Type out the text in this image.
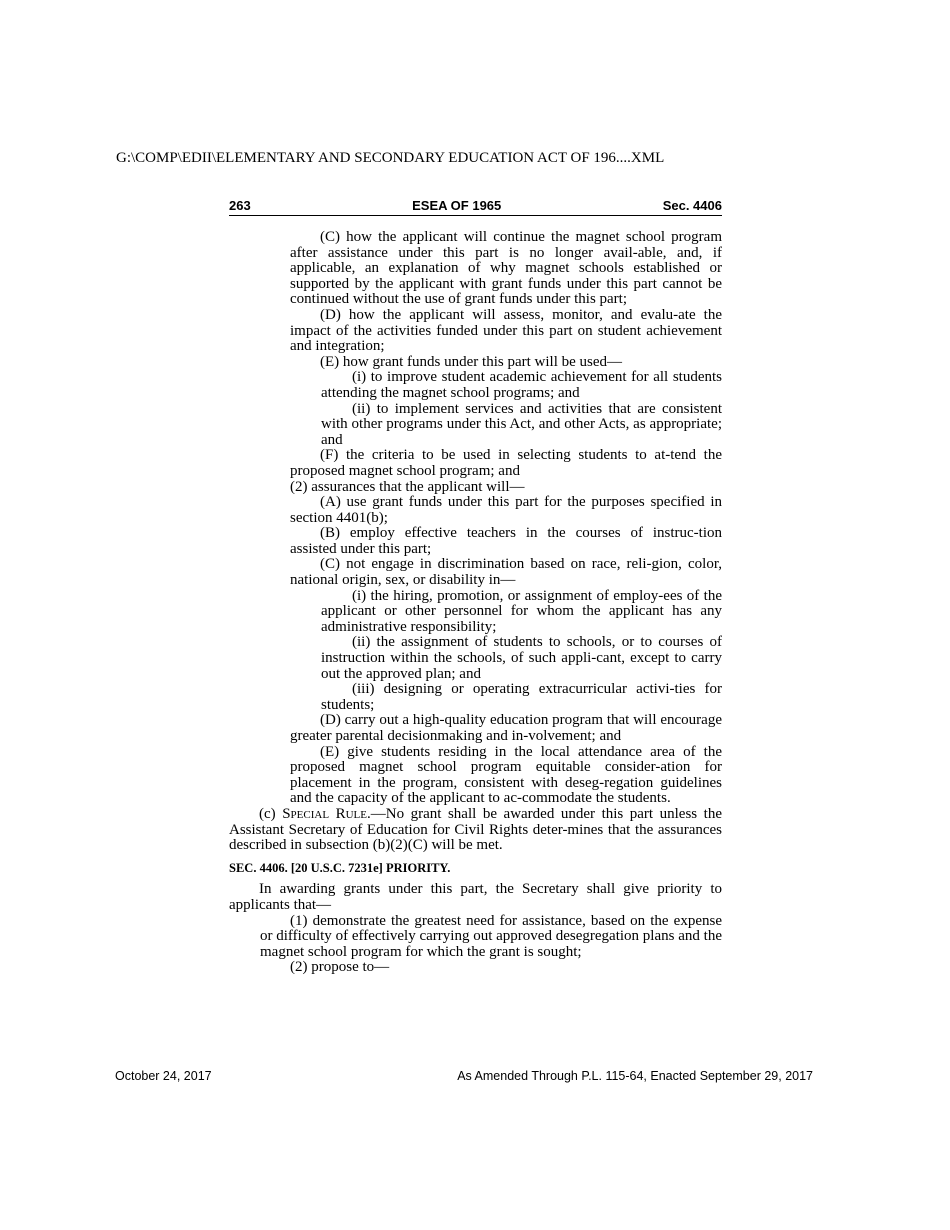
G:\COMP\EDII\ELEMENTARY AND SECONDARY EDUCATION ACT OF 196....XML
263	ESEA OF 1965	Sec. 4406

(C) how the applicant will continue the magnet school program after assistance under this part is no longer avail-able, and, if applicable, an explanation of why magnet schools established or supported by the applicant with grant funds under this part cannot be continued without the use of grant funds under this part;

(D) how the applicant will assess, monitor, and evalu-ate the impact of the activities funded under this part on student achievement and integration;

(E) how grant funds under this part will be used—

(i) to improve student academic achievement for all students attending the magnet school programs; and

(ii) to implement services and activities that are consistent with other programs under this Act, and other Acts, as appropriate; and

(F) the criteria to be used in selecting students to at-tend the proposed magnet school program; and

(2) assurances that the applicant will—

(A) use grant funds under this part for the purposes specified in section 4401(b);

(B) employ effective teachers in the courses of instruc-tion assisted under this part;

(C) not engage in discrimination based on race, reli-gion, color, national origin, sex, or disability in—

(i) the hiring, promotion, or assignment of employ-ees of the applicant or other personnel for whom the applicant has any administrative responsibility;

(ii) the assignment of students to schools, or to courses of instruction within the schools, of such appli-cant, except to carry out the approved plan; and

(iii) designing or operating extracurricular activi-ties for students;

(D) carry out a high-quality education program that will encourage greater parental decisionmaking and in-volvement; and

(E) give students residing in the local attendance area of the proposed magnet school program equitable consider-ation for placement in the program, consistent with deseg-regation guidelines and the capacity of the applicant to ac-commodate the students.

(c) Special Rule.—No grant shall be awarded under this part unless the Assistant Secretary of Education for Civil Rights deter-mines that the assurances described in subsection (b)(2)(C) will be met.

SEC. 4406. [20 U.S.C. 7231e] PRIORITY.

In awarding grants under this part, the Secretary shall give priority to applicants that—

(1) demonstrate the greatest need for assistance, based on the expense or difficulty of effectively carrying out approved desegregation plans and the magnet school program for which the grant is sought;

(2) propose to—

October 24, 2017	As Amended Through P.L. 115-64, Enacted September 29, 2017
